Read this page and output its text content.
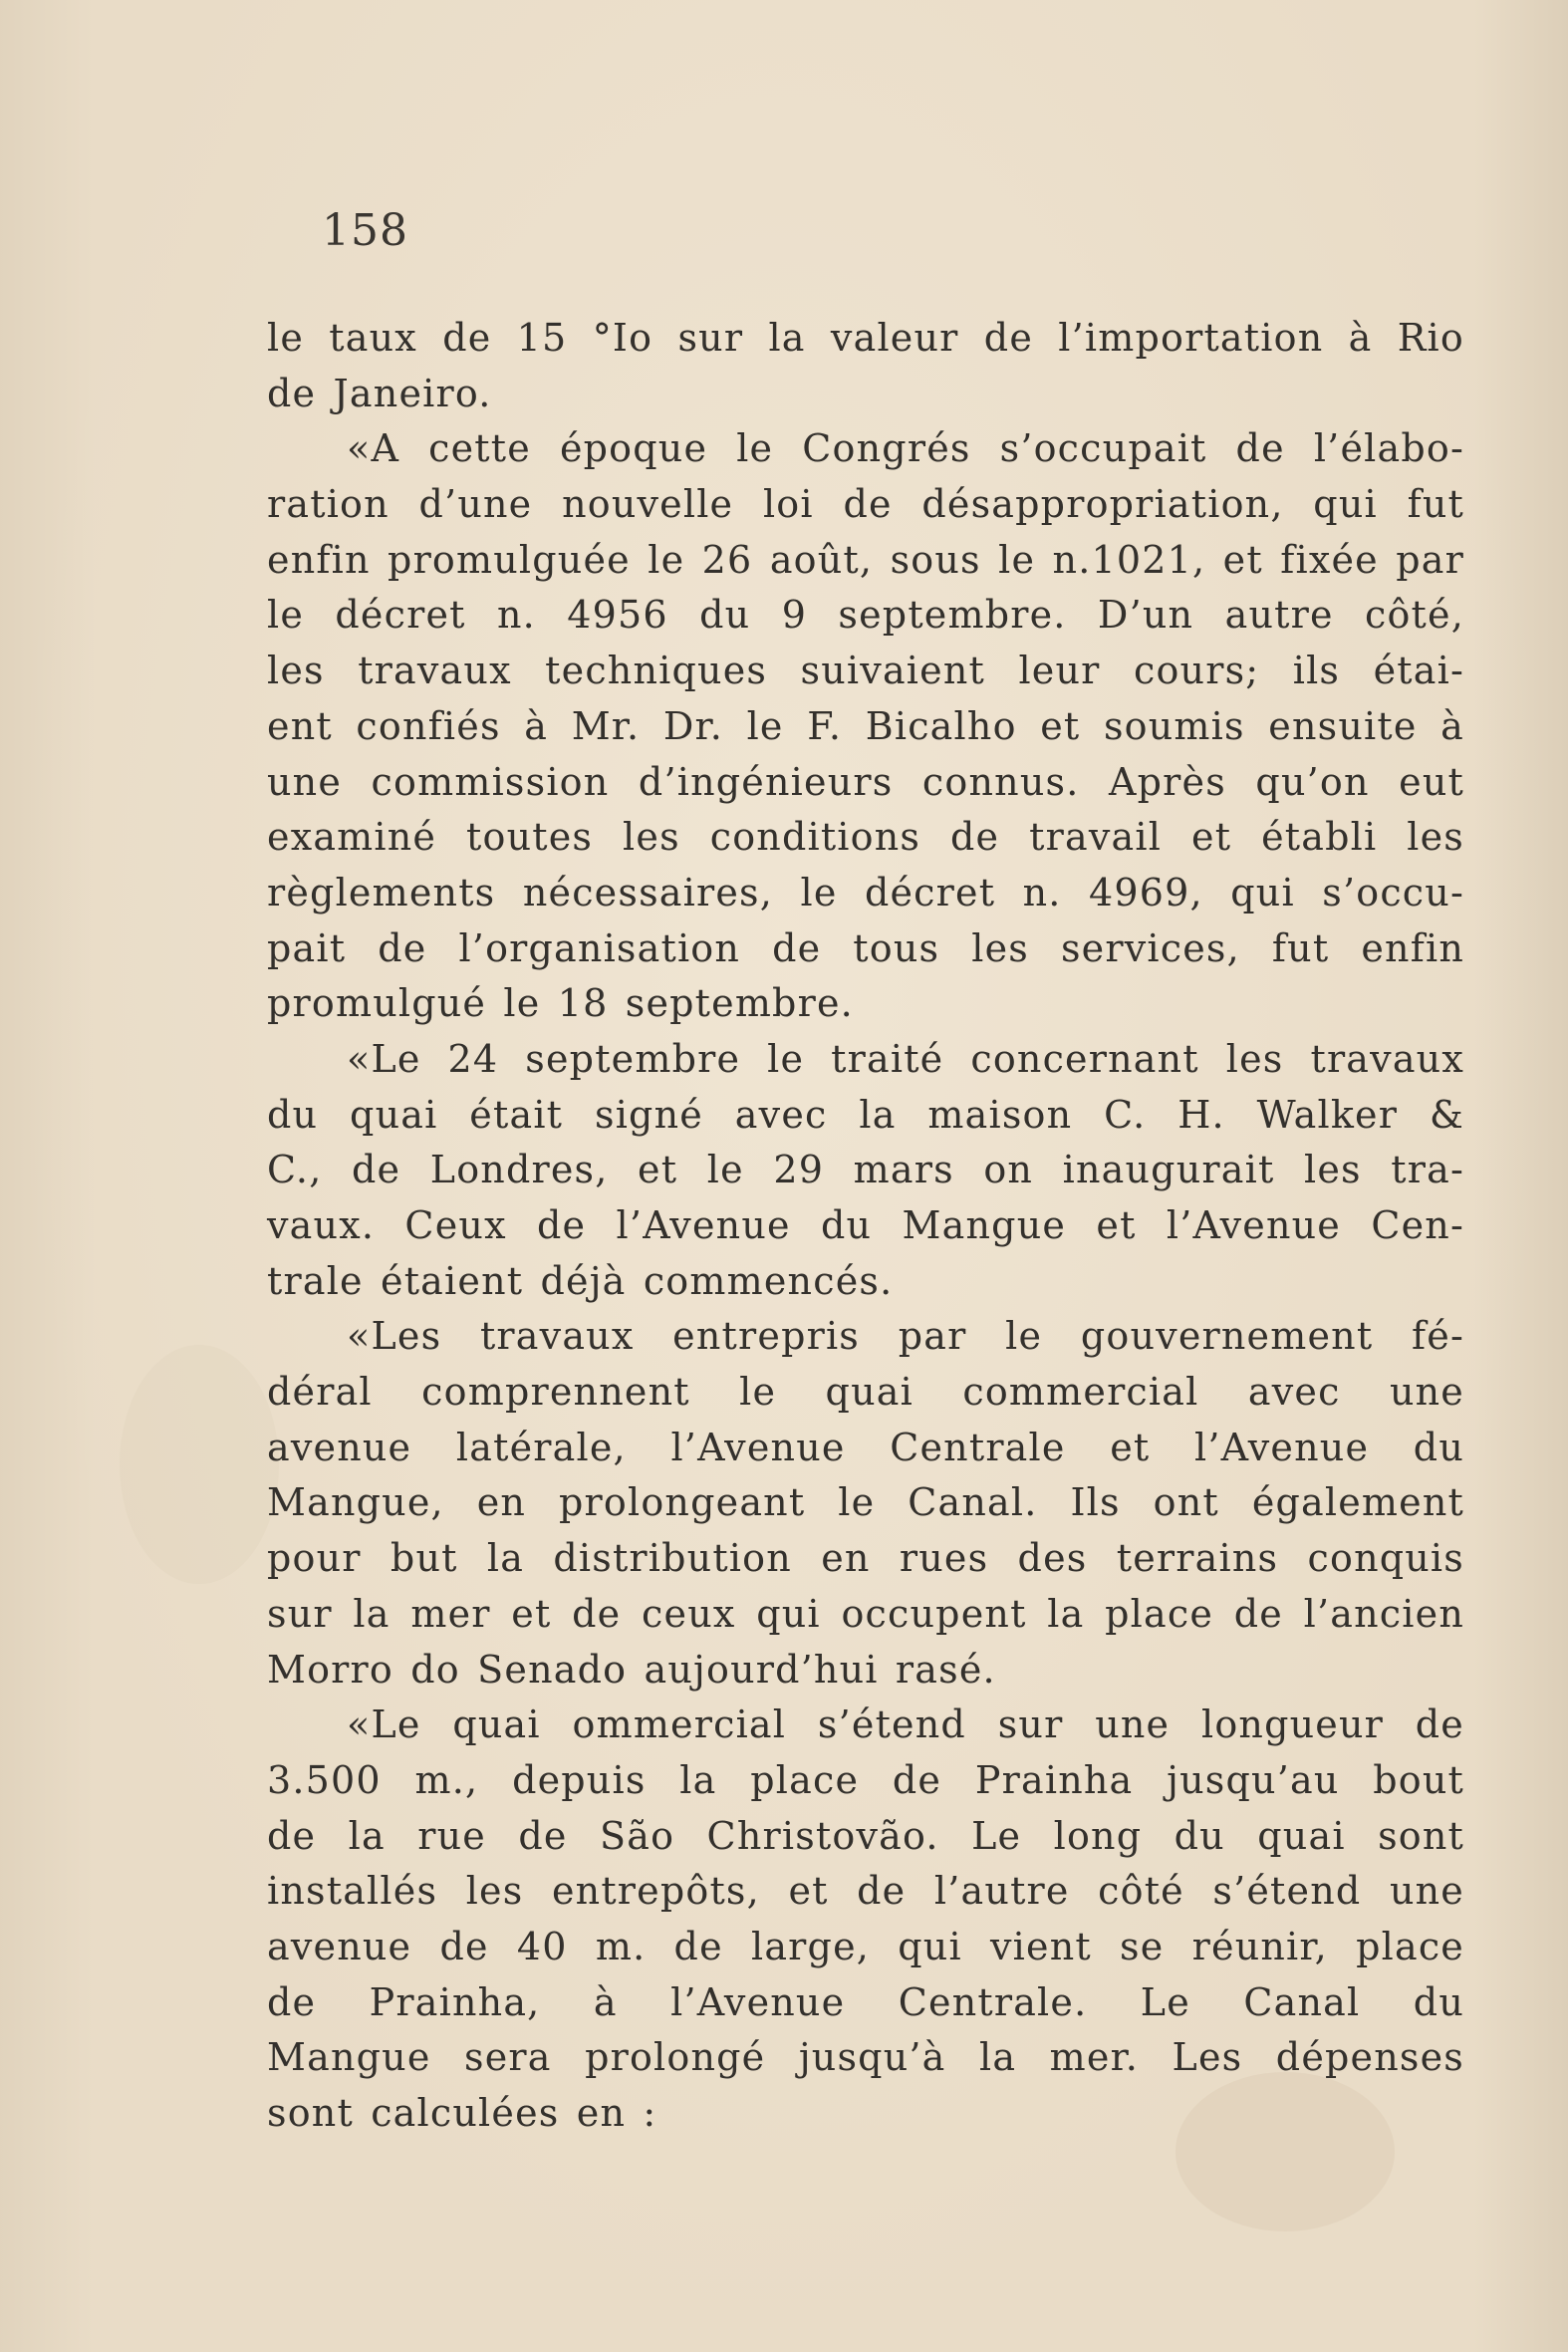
158
le taux de 15 °Io sur la valeur de l’importation à Rio
de Janeiro.
«A cette époque le Congrés s’occupait de l’élabo-
ration d’une nouvelle loi de désappropriation, qui fut
enfin promulguée le 26 août, sous le n.1021, et fixée par
le décret n. 4956 du 9 septembre. D’un autre côté,
les travaux techniques suivaient leur cours; ils étai-
ent confiés à Mr. Dr. le F. Bicalho et soumis ensuite à
une commission d’ingénieurs connus. Après qu’on eut
examiné toutes les conditions de travail et établi les
règlements nécessaires, le décret n. 4969, qui s’occu-
pait de l’organisation de tous les services, fut enfin
promulgué le 18 septembre.
«Le 24 septembre le traité concernant les travaux
du quai était signé avec la maison C. H. Walker &
C., de Londres, et le 29 mars on inaugurait les tra-
vaux. Ceux de l’Avenue du Mangue et l’Avenue Cen-
trale étaient déjà commencés.
«Les travaux entrepris par le gouvernement fé-
déral comprennent le quai commercial avec une
avenue latérale, l’Avenue Centrale et l’Avenue du
Mangue, en prolongeant le Canal. Ils ont également
pour but la distribution en rues des terrains conquis
sur la mer et de ceux qui occupent la place de l’ancien
Morro do Senado aujourd’hui rasé.
«Le quai ommercial s’étend sur une longueur de
3.500 m., depuis la place de Prainha jusqu’au bout
de la rue de São Christovão. Le long du quai sont
installés les entrepôts, et de l’autre côté s’étend une
avenue de 40 m. de large, qui vient se réunir, place
de Prainha, à l’Avenue Centrale. Le Canal du
Mangue sera prolongé jusqu’à la mer. Les dépenses
sont calculées en :
